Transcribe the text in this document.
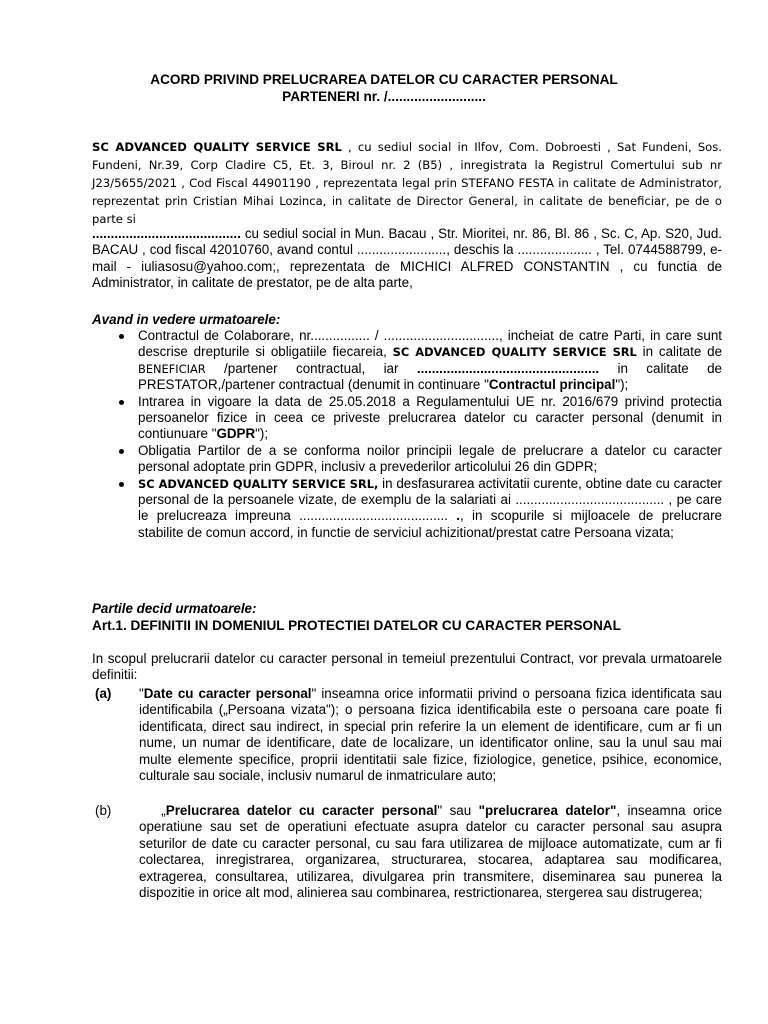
ACORD PRIVIND PRELUCRAREA DATELOR CU CARACTER PERSONAL

PARTENERI nr. /..........................

SC ADVANCED QUALITY SERVICE SRL , cu sediul social in Ilfov, Com. Dobroesti , Sat Fundeni, Sos. Fundeni, Nr.39, Corp Cladire C5, Et. 3, Biroul nr. 2 (B5) , inregistrata la Registrul Comertului sub nr J23/5655/2021 , Cod Fiscal 44901190 , reprezentata legal prin STEFANO FESTA in calitate de Administrator, reprezentat prin Cristian Mihai Lozinca, in calitate de Director General, in calitate de beneficiar, pe de o parte si

........................................ cu sediul social in Mun. Bacau , Str. Mioritei, nr. 86, Bl. 86 , Sc. C, Ap. S20, Jud. BACAU , cod fiscal 42010760, avand contul ........................, deschis la .................... , Tel. 0744588799, e-mail - iuliasosu@yahoo.com;, reprezentata de MICHICI ALFRED CONSTANTIN , cu functia de Administrator, in calitate de prestator, pe de alta parte,

Avand in vedere urmatoarele:

Contractul de Colaborare, nr................ / ..............................., incheiat de catre Parti, in care sunt descrise drepturile si obligatiile fiecareia, SC ADVANCED QUALITY SERVICE SRL in calitate de BENEFICIAR /partener contractual, iar ................................................. in calitate de PRESTATOR,/partener contractual (denumit in continuare "Contractul principal");
Intrarea in vigoare la data de 25.05.2018 a Regulamentului UE nr. 2016/679 privind protectia persoanelor fizice in ceea ce priveste prelucrarea datelor cu caracter personal (denumit in contiunuare "GDPR");
Obligatia Partilor de a se conforma noilor principii legale de prelucrare a datelor cu caracter personal adoptate prin GDPR, inclusiv a prevederilor articolului 26 din GDPR;
SC ADVANCED QUALITY SERVICE SRL, in desfasurarea activitatii curente, obtine date cu caracter personal de la persoanele vizate, de exemplu de la salariati ai ........................................ , pe care le prelucreaza impreuna ........................................ ., in scopurile si mijloacele de prelucrare stabilite de comun accord, in functie de serviciul achizitionat/prestat catre Persoana vizata;

Partile decid urmatoarele:

Art.1. DEFINITII IN DOMENIUL PROTECTIEI DATELOR CU CARACTER PERSONAL

In scopul prelucrarii datelor cu caracter personal in temeiul prezentului Contract, vor prevala urmatoarele definitii:

(a) "Date cu caracter personal" inseamna orice informatii privind o persoana fizica identificata sau identificabila („Persoana vizata"); o persoana fizica identificabila este o persoana care poate fi identificata, direct sau indirect, in special prin referire la un element de identificare, cum ar fi un nume, un numar de identificare, date de localizare, un identificator online, sau la unul sau mai multe elemente specifice, proprii identitatii sale fizice, fiziologice, genetice, psihice, economice, culturale sau sociale, inclusiv numarul de inmatriculare auto;

(b) „Prelucrarea datelor cu caracter personal" sau "prelucrarea datelor", inseamna orice operatiune sau set de operatiuni efectuate asupra datelor cu caracter personal sau asupra seturilor de date cu caracter personal, cu sau fara utilizarea de mijloace automatizate, cum ar fi colectarea, inregistrarea, organizarea, structurarea, stocarea, adaptarea sau modificarea, extragerea, consultarea, utilizarea, divulgarea prin transmitere, diseminarea sau punerea la dispozitie in orice alt mod, alinierea sau combinarea, restrictionarea, stergerea sau distrugerea;
